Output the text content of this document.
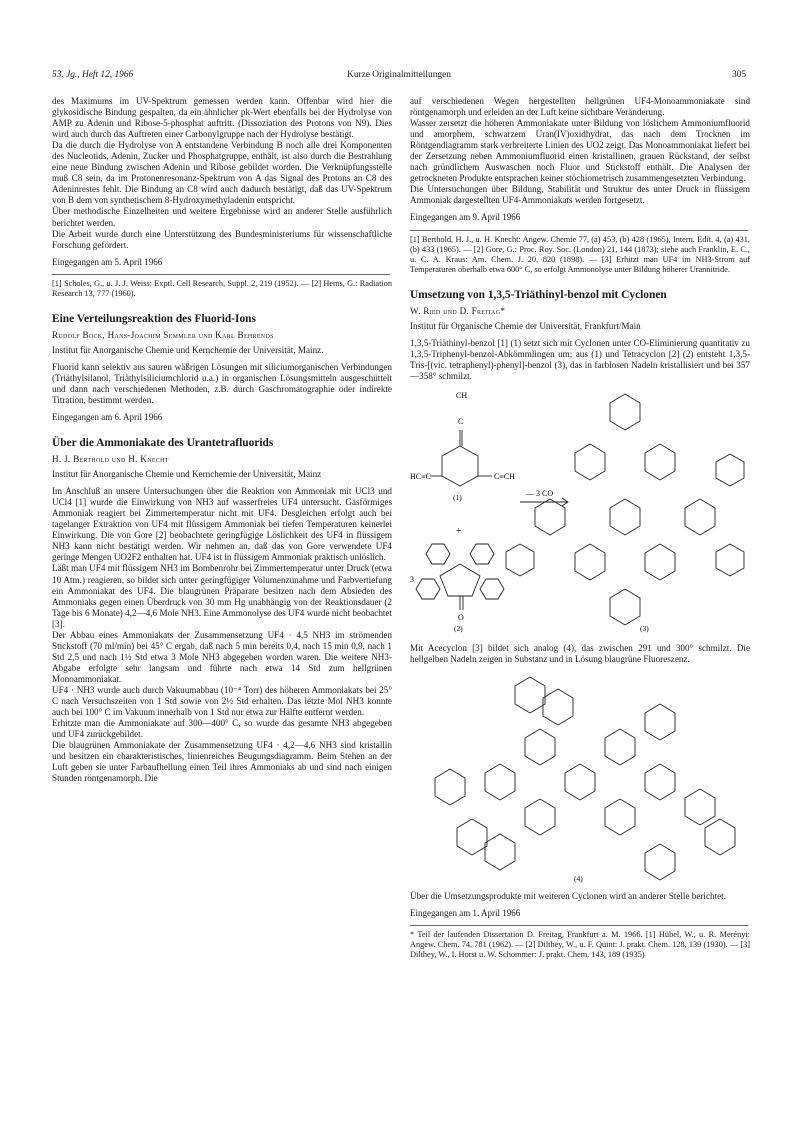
53. Jg., Heft 12, 1966	Kurze Originalmitteilungen	305

des Maximums im UV-Spektrum gemessen werden kann. Offenbar wird hier die glykosidische Bindung gespalten, da ein ähnlicher pk-Wert ebenfalls bei der Hydrolyse von AMP zu Adenin und Ribose-5-phosphat auftritt. (Dissoziation des Protons von N9). Dies wird auch durch das Auftreten einer Carbonylgruppe nach der Hydrolyse bestätigt.

Da die durch die Hydrolyse von A entstandene Verbindung B noch alle drei Komponenten des Nucleotids, Adenin, Zucker und Phosphatgruppe, enthält, ist also durch die Bestrahlung eine neue Bindung zwischen Adenin und Ribose gebildet worden. Die Verknüpfungsstelle muß C8 sein, da im Protonenresonanz-Spektrum von A das Signal des Protons an C8 des Adeninrestes fehlt. Die Bindung an C8 wird auch dadurch bestätigt, daß das UV-Spektrum von B dem von synthetischem 8-Hydroxymethyladenin entspricht.

Über methodische Einzelheiten und weitere Ergebnisse wird an anderer Stelle ausführlich berichtet werden.

Die Arbeit wurde durch eine Unterstützung des Bundesministeriums für wissenschaftliche Forschung gefördert.

Eingegangen am 5. April 1966

[1] Scholes, G., u. J. J. Weiss: Exptl. Cell Research, Suppl. 2, 219 (1952). — [2] Hems, G.: Radiation Research 13, 777 (1960).

Eine Verteilungsreaktion des Fluorid-Ions
Rudolf Bock, Hans-Joachim Semmler und Karl Behrends

Institut für Anorganische Chemie und Kernchemie der Universität, Mainz.

Fluorid kann selektiv aus sauren wäßrigen Lösungen mit siliciumorganischen Verbindungen (Triäthylsilanol, Triäthylsiliciumchlorid u.a.) in organischen Lösungsmitteln ausgeschüttelt und dann nach verschiedenen Methoden, z.B. durch Gaschromatographie oder indirekte Titration, bestimmt werden.

Eingegangen am 6. April 1966
Über die Ammoniakate des Urantetrafluorids
H. J. Berthold und H. Knecht

Institut für Anorganische Chemie und Kernchemie der Universität, Mainz

Im Anschluß an unsere Untersuchungen über die Reaktion von Ammoniak mit UCl3 und UCl4 [1] wurde die Einwirkung von NH3 auf wasserfreies UF4 untersucht. Gasförmiges Ammoniak reagiert bei Zimmertemperatur nicht mit UF4. Desgleichen erfolgt auch bei tagelanger Extraktion von UF4 mit flüssigem Ammoniak bei tiefen Temperaturen keinerlei Einwirkung. Die von Gore [2] beobachtete geringfügige Löslichkeit des UF4 in flüssigem NH3 kann nicht bestätigt werden. Wir nehmen an, daß das von Gore verwendete UF4 geringe Mengen UO2F2 enthalten hat. UF4 ist in flüssigem Ammoniak praktisch unlöslich.

Läßt man UF4 mit flüssigem NH3 im Bombenrohr bei Zimmertemperatur unter Druck (etwa 10 Atm.) reagieren, so bildet sich unter geringfügiger Volumenzunahme und Farbvertiefung ein Ammoniakat des UF4. Die blaugrünen Präparate besitzen nach dem Absieden des Ammoniaks gegen einen Überdruck von 30 mm Hg unabhängig von der Reaktionsdauer (2 Tage bis 6 Monate) 4,2—4,6 Mole NH3. Eine Ammonolyse des UF4 wurde nicht beobachtet [3].

Der Abbau eines Ammoniakats der Zusammensetzung UF4 · 4,5 NH3 im strömenden Stickstoff (70 ml/min) bei 45° C ergab, daß nach 5 min bereits 0,4, nach 15 min 0,9, nach 1 Std 2,5 und nach 1½ Std etwa 3 Mole NH3 abgegeben worden waren. Die weitere NH3-Abgabe erfolgte sehr langsam und führte nach etwa 14 Std zum hellgrünen Monoammoniakat.

UF4 · NH3 wurde auch durch Vakuumabbau (10⁻⁴ Torr) des höheren Ammoniakats bei 25° C nach Versuchszeiten von 1 Std sowie von 2½ Std erhalten. Das letzte Mol NH3 konnte auch bei 100° C im Vakuum innerhalb von 1 Std nur etwa zur Hälfte entfernt werden.

Erhitzte man die Ammoniakate auf 300—400° C, so wurde das gesamte NH3 abgegeben und UF4 zurückgebildet.

Die blaugrünen Ammoniakate der Zusammensetzung UF4 · 4,2—4,6 NH3 sind kristallin und besitzen ein charakteristisches, linienreiches Beugungsdiagramm. Beim Stehen an der Luft geben sie unter Farbaufhellung einen Teil ihres Ammoniaks ab und sind nach einigen Stunden röntgenamorph. Die

auf verschiedenen Wegen hergestellten hellgrünen UF4-Monoammoniakate sind röntgenamorph und erleiden an der Luft keine sichtbare Veränderung.

Wasser zersetzt die höheren Ammoniakate unter Bildung von löslichem Ammoniumfluorid und amorphem, schwarzem Uran(IV)oxidhydrat, das nach dem Trocknen im Röntgendiagramm stark verbreiterte Linien des UO2 zeigt. Das Monoammoniakat liefert bei der Zersetzung neben Ammoniumfluorid einen kristallinen, grauen Rückstand, der selbst nach gründlichem Auswaschen noch Fluor und Stickstoff enthält. Die Analysen der getrockneten Produkte entsprachen keiner stöchiometrisch zusammengesetzten Verbindung.

Die Untersuchungen über Bildung, Stabilität und Struktur des unter Druck in flüssigem Ammoniak dargestellten UF4-Ammoniakats werden fortgesetzt.

Eingegangen am 9. April 1966

[1] Berthold, H. J., u. H. Knecht: Angew. Chemie 77, (a) 453, (b) 428 (1965), Intern. Edit. 4, (a) 431, (b) 433 (1965). — [2] Gore, G.: Proc. Roy. Soc. (London) 21, 144 (1873); siehe auch Franklin, E. C., u. C. A. Kraus: Am. Chem. J. 20, 820 (1898). — [3] Erhitzt man UF4 im NH3-Strom auf Temperaturen oberhalb etwa 600° C, so erfolgt Ammonolyse unter Bildung höherer Urannitride.

Umsetzung von 1,3,5-Triäthinyl-benzol mit Cyclonen
W. Ried und D. Freitag*

Institut für Organische Chemie der Universität, Frankfurt/Main

1,3,5-Triäthinyl-benzol [1] (1) setzt sich mit Cyclonen unter CO-Eliminierung quantitativ zu 1,3,5-Triphenyl-benzol-Abkömmlingen um; aus (1) und Tetracyclon [2] (2) entsteht 1,3,5-Tris-[(vic. tetraphenyl)-phenyl]-benzol (3), das in farblosen Nadeln kristallisiert und bei 357—358° schmilzt.

CH
C
HC≡C	C≡CH
(1)
+
— 3 CO
3
O
(2)	(3)

Mit Acecyclon [3] bildet sich analog (4), das zwischen 291 und 300° schmilzt. Die hellgelben Nadeln zeigen in Substanz und in Lösung blaugrüne Fluoreszenz.

(4)

Über die Umsetzungsprodukte mit weiteren Cyclonen wird an anderer Stelle berichtet.

Eingegangen am 1. April 1966

* Teil der laufenden Dissertation D. Freitag, Frankfurt a. M. 1966. [1] Hübel, W., u. R. Merényi: Angew. Chem. 74, 781 (1962). — [2] Dilthey, W., u. F. Quint: J. prakt. Chem. 128, 139 (1930). — [3] Dilthey, W., I. Horst u. W. Schommer: J. prakt. Chem. 143, 189 (1935)
